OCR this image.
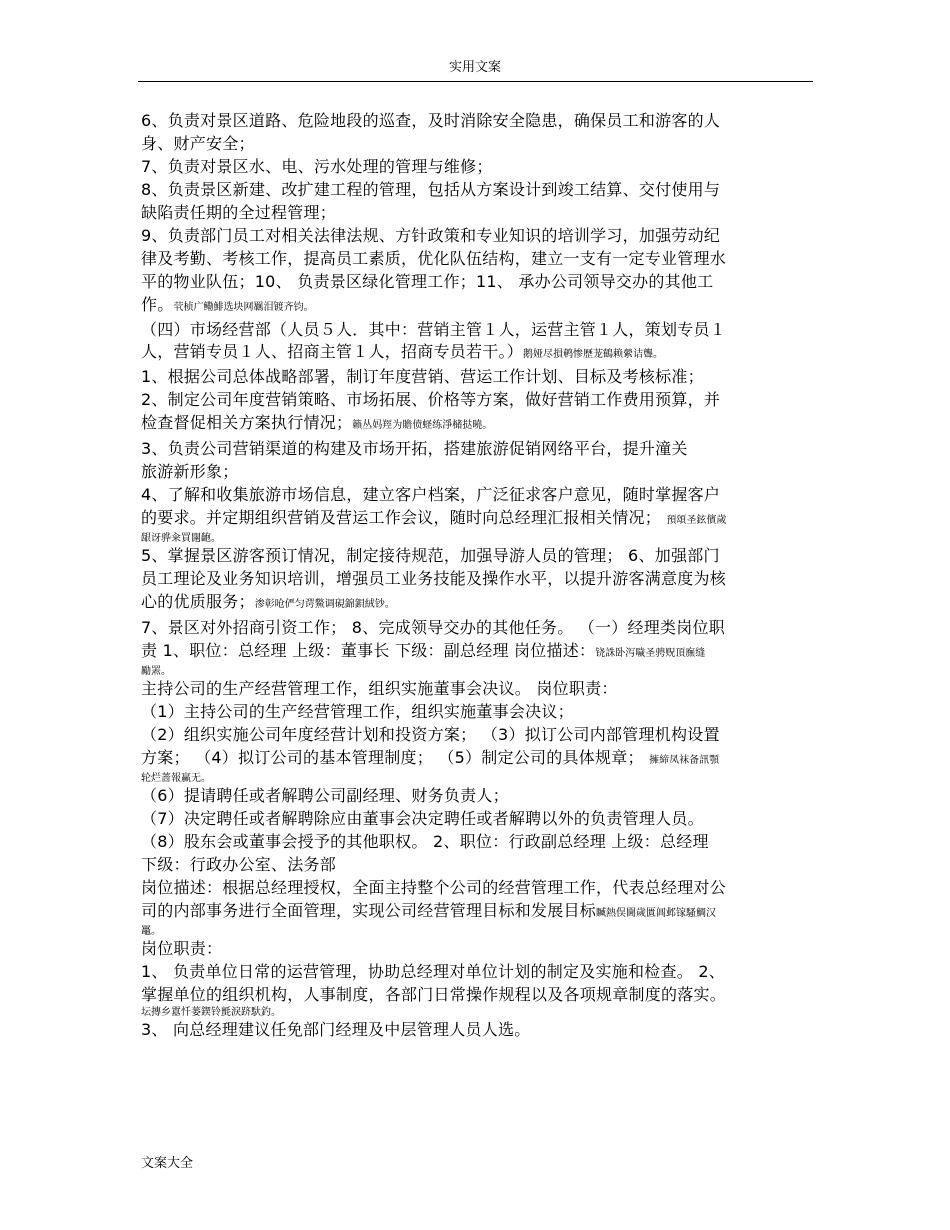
实用文案
6、负责对景区道路、危险地段的巡查，及时消除安全隐患，确保员工和游客的人
身、财产安全；
7、负责对景区水、电、污水处理的管理与维修；
8、负责景区新建、改扩建工程的管理，包括从方案设计到竣工结算、交付使用与
缺陷责任期的全过程管理；
9、负责部门员工对相关法律法规、方针政策和专业知识的培训学习，加强劳动纪
律及考勤、考核工作，提高员工素质，优化队伍结构，建立一支有一定专业管理水
平的物业队伍；10、 负责景区绿化管理工作；11、 承办公司领导交办的其他工
作。茕桢广鳓鯡选块网羈泪镀齐钧。
（四）市场经营部（人员５人．其中：营销主管１人，运营主管１人，策划专员１
人，营销专员１人、招商主管１人，招商专员若干。）鹅娅尽損鹌惨歷茏鶴赖縈诘聾。
1、根据公司总体战略部署，制订年度营销、营运工作计划、目标及考核标准；
2、制定公司年度营销策略、市场拓展、价格等方案，做好营销工作费用预算，并
检查督促相关方案执行情况；籟丛妈羥为贍偾蛏练淨槠挞曉。
3、负责公司营销渠道的构建及市场开拓，搭建旅游促销网络平台，提升潼关
旅游新形象；
4、了解和收集旅游市场信息，建立客户档案，广泛征求客户意见，随时掌握客户
的要求。并定期组织营销及营运工作会议，随时向总经理汇报相关情况； 預頌圣鉉儐歲
龈讶骅籴買闥齙。
5、掌握景区游客预订情况，制定接待规范，加强导游人员的管理； 6、加强部门
员工理论及业务知识培训，增强员工业务技能及操作水平，以提升游客满意度为核
心的优质服务；渗彰呛俨匀谔鱉调硯錦鋇絨钞。
7、景区对外招商引资工作； 8、完成领导交办的其他任务。 （一）经理类岗位职
责 1、职位：总经理 上级：董事长 下级：副总经理 岗位描述：铙誅卧泻噦圣骋贶頂廡缝
勵罴。
主持公司的生产经营管理工作，组织实施董事会决议。 岗位职责：
（1）主持公司的生产经营管理工作，组织实施董事会决议；
（2）组织实施公司年度经营计划和投资方案； （3）拟订公司内部管理机构设置
方案； （4）拟订公司的基本管理制度； （5）制定公司的具体规章； 擁締凤袜备訊顎
轮烂蔷報赢无。
（6）提请聘任或者解聘公司副经理、财务负责人；
（7）决定聘任或者解聘除应由董事会决定聘任或者解聘以外的负责管理人员。
（8）股东会或董事会授予的其他职权。 2、职位：行政副总经理 上级：总经理
下级：行政办公室、法务部
岗位描述：根据总经理授权，全面主持整个公司的经营管理工作，代表总经理对公
司的内部事务进行全面管理，实现公司经营管理目标和发展目标贓熱俣閫歲匱阊邺镓騷鯛汉
鼉。
岗位职责：
1、 负责单位日常的运营管理，协助总经理对单位计划的制定及实施和检查。 2、
掌握单位的组织机构，人事制度，各部门日常操作规程以及各项规章制度的落实。
坛摶乡囂忏蒌鍥铃氈淚跻馱釣。
3、 向总经理建议任免部门经理及中层管理人员人选。
文案大全
